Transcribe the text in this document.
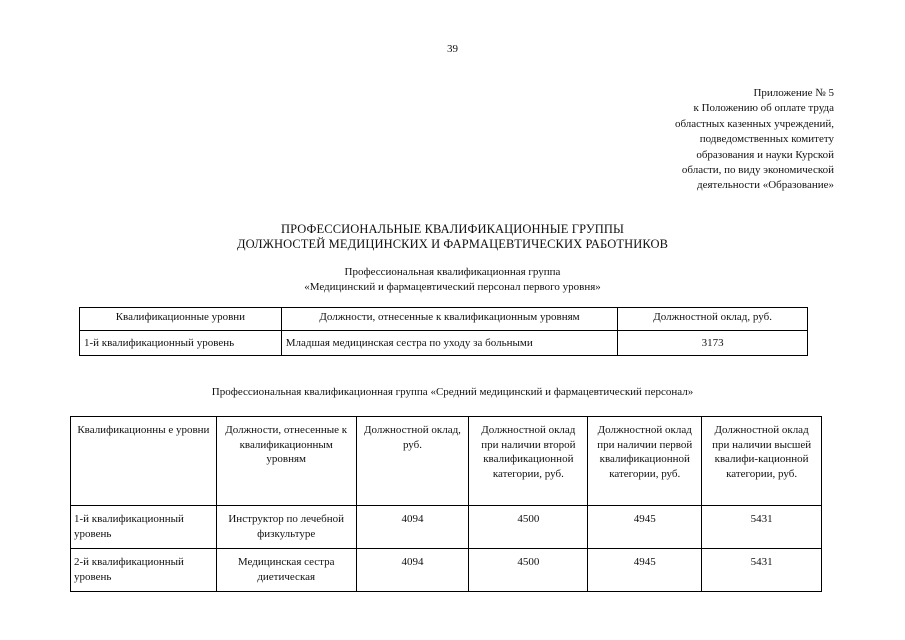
39
Приложение № 5
к Положению об оплате труда
областных казенных учреждений,
подведомственных комитету
образования и науки Курской
области, по виду экономической
деятельности «Образование»
ПРОФЕССИОНАЛЬНЫЕ КВАЛИФИКАЦИОННЫЕ ГРУППЫ
ДОЛЖНОСТЕЙ МЕДИЦИНСКИХ И ФАРМАЦЕВТИЧЕСКИХ РАБОТНИКОВ
Профессиональная квалификационная группа
«Медицинский и фармацевтический персонал первого уровня»
Квалификационные уровни	Должности, отнесенные к квалификационным уровням	Должностной оклад, руб.
1-й квалификационный уровень	Младшая медицинская сестра по уходу за больными	3173
Профессиональная квалификационная группа «Средний медицинский и фармацевтический персонал»
Квалификационны е уровни	Должности, отнесенные к квалификационным уровням	Должностной оклад, руб.	Должностной оклад при наличии второй квалификационной категории, руб.	Должностной оклад при наличии первой квалификационной категории, руб.	Должностной оклад при наличии высшей квалифи-кационной категории, руб.
1-й квалификационный уровень	Инструктор по лечебной физкультуре	4094	4500	4945	5431
2-й квалификационный уровень	Медицинская сестра диетическая	4094	4500	4945	5431
